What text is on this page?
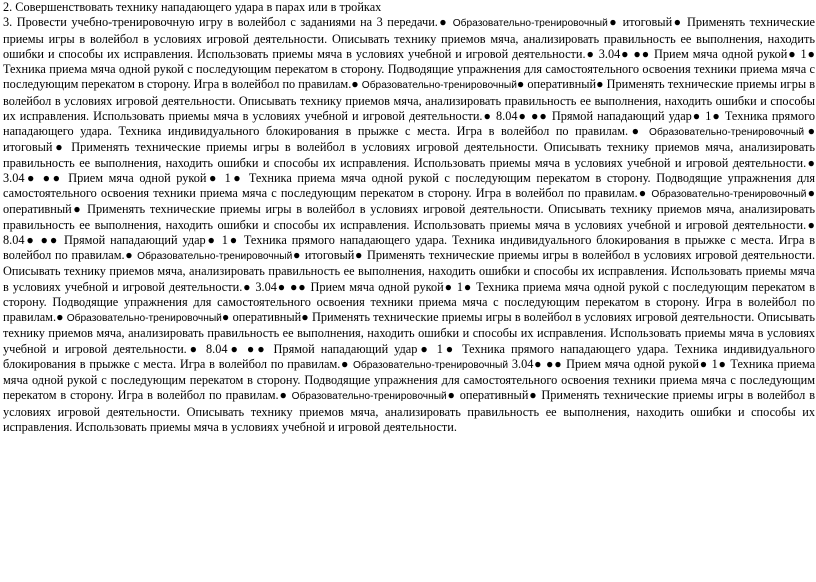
2. Совершенствовать технику нападающего удара в парах или в тройках
3. Провести учебно-тренировочную игру в волейбол с заданиями на 3 передачи.● Образовательно-тренировочный● итоговый● Применять технические приемы игры в волейбол в условиях игровой деятельности. Описывать технику приемов мяча, анализировать правильность ее выполнения, находить ошибки и способы их исправления. Использовать приемы мяча в условиях учебной и игровой деятельности.● 3.04● ●● Прием мяча одной рукой● 1● Техника приема мяча одной рукой с последующим перекатом в сторону. Подводящие упражнения для самостоятельного освоения техники приема мяча с последующим перекатом в сторону. Игра в волейбол по правилам.● Образовательно-тренировочный● оперативный● Применять технические приемы игры в волейбол в условиях игровой деятельности. Описывать технику приемов мяча, анализировать правильность ее выполнения, находить ошибки и способы их исправления. Использовать приемы мяча в условиях учебной и игровой деятельности.● 8.04● ●● Прямой нападающий удар● 1● Техника прямого нападающего удара. Техника индивидуального блокирования в прыжке с места. Игра в волейбол по правилам.● Образовательно-тренировочный● итоговый● Применять технические приемы игры в волейбол в условиях игровой деятельности. Описывать технику приемов мяча, анализировать правильность ее выполнения, находить ошибки и способы их исправления. Использовать приемы мяча в условиях учебной и игровой деятельности.● 3.04● ●● Прием мяча одной рукой● 1● Техника приема мяча одной рукой с последующим перекатом в сторону. Подводящие упражнения для самостоятельного освоения техники приема мяча с последующим перекатом в сторону. Игра в волейбол по правилам.● Образовательно-тренировочный● оперативный● Применять технические приемы игры в волейбол в условиях игровой деятельности. Описывать технику приемов мяча, анализировать правильность ее выполнения, находить ошибки и способы их исправления. Использовать приемы мяча в условиях учебной и игровой деятельности.● 8.04● ●● Прямой нападающий удар● 1● Техника прямого нападающего удара. Техника индивидуального блокирования в прыжке с места. Игра в волейбол по правилам.● Образовательно-тренировочный● итоговый● Применять технические приемы игры в волейбол в условиях игровой деятельности. Описывать технику приемов мяча, анализировать правильность ее выполнения, находить ошибки и способы их исправления. Использовать приемы мяча в условиях учебной и игровой деятельности.● 3.04● ●● Прием мяча одной рукой● 1● Техника приема мяча одной рукой с последующим перекатом в сторону. Подводящие упражнения для самостоятельного освоения техники приема мяча с последующим перекатом в сторону. Игра в волейбол по правилам.● Образовательно-тренировочный● оперативный● Применять технические приемы игры в волейбол в условиях игровой деятельности. Описывать технику приемов мяча, анализировать правильность ее выполнения, находить ошибки и способы их исправления. Использовать приемы мяча в условиях учебной и игровой деятельности.● 8.04● ●● Прямой нападающий удар● 1● Техника прямого нападающего удара. Техника индивидуального блокирования в прыжке с места. Игра в волейбол по правилам.● Образовательно-тренировочный 3.04● ●● Прием мяча одной рукой● 1● Техника приема мяча одной рукой с последующим перекатом в сторону. Подводящие упражнения для самостоятельного освоения техники приема мяча с последующим перекатом в сторону. Игра в волейбол по правилам.● Образовательно-тренировочный● оперативный● Применять технические приемы игры в волейбол в условиях игровой деятельности. Описывать технику приемов мяча, анализировать правильность ее выполнения, находить ошибки и способы их исправления. Использовать приемы мяча в условиях учебной и игровой деятельности.
